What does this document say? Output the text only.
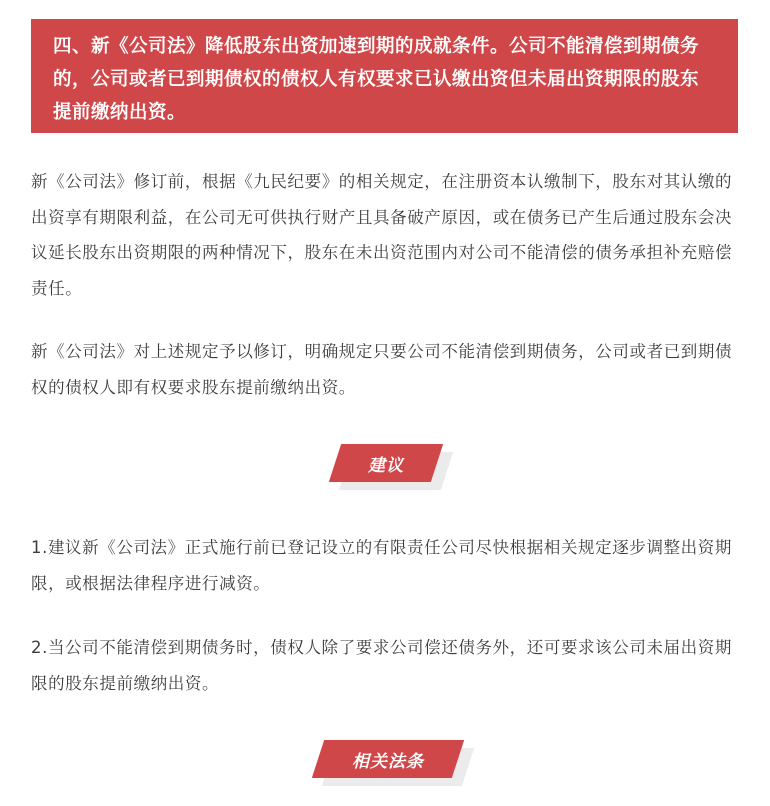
四、新《公司法》降低股东出资加速到期的成就条件。公司不能清偿到期债务的，公司或者已到期债权的债权人有权要求已认缴出资但未届出资期限的股东提前缴纳出资。

新《公司法》修订前，根据《九民纪要》的相关规定，在注册资本认缴制下，股东对其认缴的出资享有期限利益，在公司无可供执行财产且具备破产原因，或在债务已产生后通过股东会决议延长股东出资期限的两种情况下，股东在未出资范围内对公司不能清偿的债务承担补充赔偿责任。

新《公司法》对上述规定予以修订，明确规定只要公司不能清偿到期债务，公司或者已到期债权的债权人即有权要求股东提前缴纳出资。

建议

1.建议新《公司法》正式施行前已登记设立的有限责任公司尽快根据相关规定逐步调整出资期限，或根据法律程序进行减资。

2.当公司不能清偿到期债务时，债权人除了要求公司偿还债务外，还可要求该公司未届出资期限的股东提前缴纳出资。

相关法条
